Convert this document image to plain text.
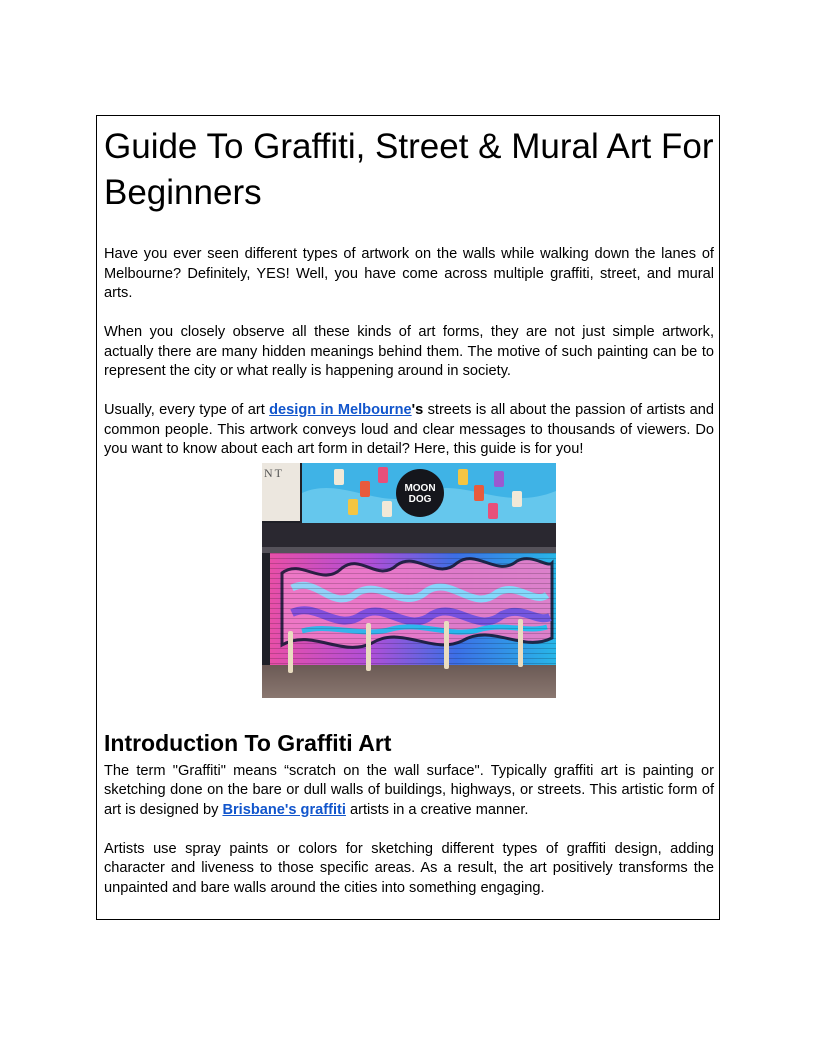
Guide To Graffiti, Street & Mural Art For Beginners

Have you ever seen different types of artwork on the walls while walking down the lanes of Melbourne? Definitely, YES! Well, you have come across multiple graffiti, street, and mural arts.

When you closely observe all these kinds of art forms, they are not just simple artwork, actually there are many hidden meanings behind them. The motive of such painting can be to represent the city or what really is happening around in society.

Usually, every type of art design in Melbourne's streets is all about the passion of artists and common people. This artwork conveys loud and clear messages to thousands of viewers. Do you want to know about each art form in detail? Here, this guide is for you!

NT
MOON
DOG
Introduction To Graffiti Art

The term "Graffiti" means “scratch on the wall surface". Typically graffiti art is painting or sketching done on the bare or dull walls of buildings, highways, or streets. This artistic form of art is designed by Brisbane's graffiti artists in a creative manner.

Artists use spray paints or colors for sketching different types of graffiti design, adding character and liveness to those specific areas. As a result, the art positively transforms the unpainted and bare walls around the cities into something engaging.
